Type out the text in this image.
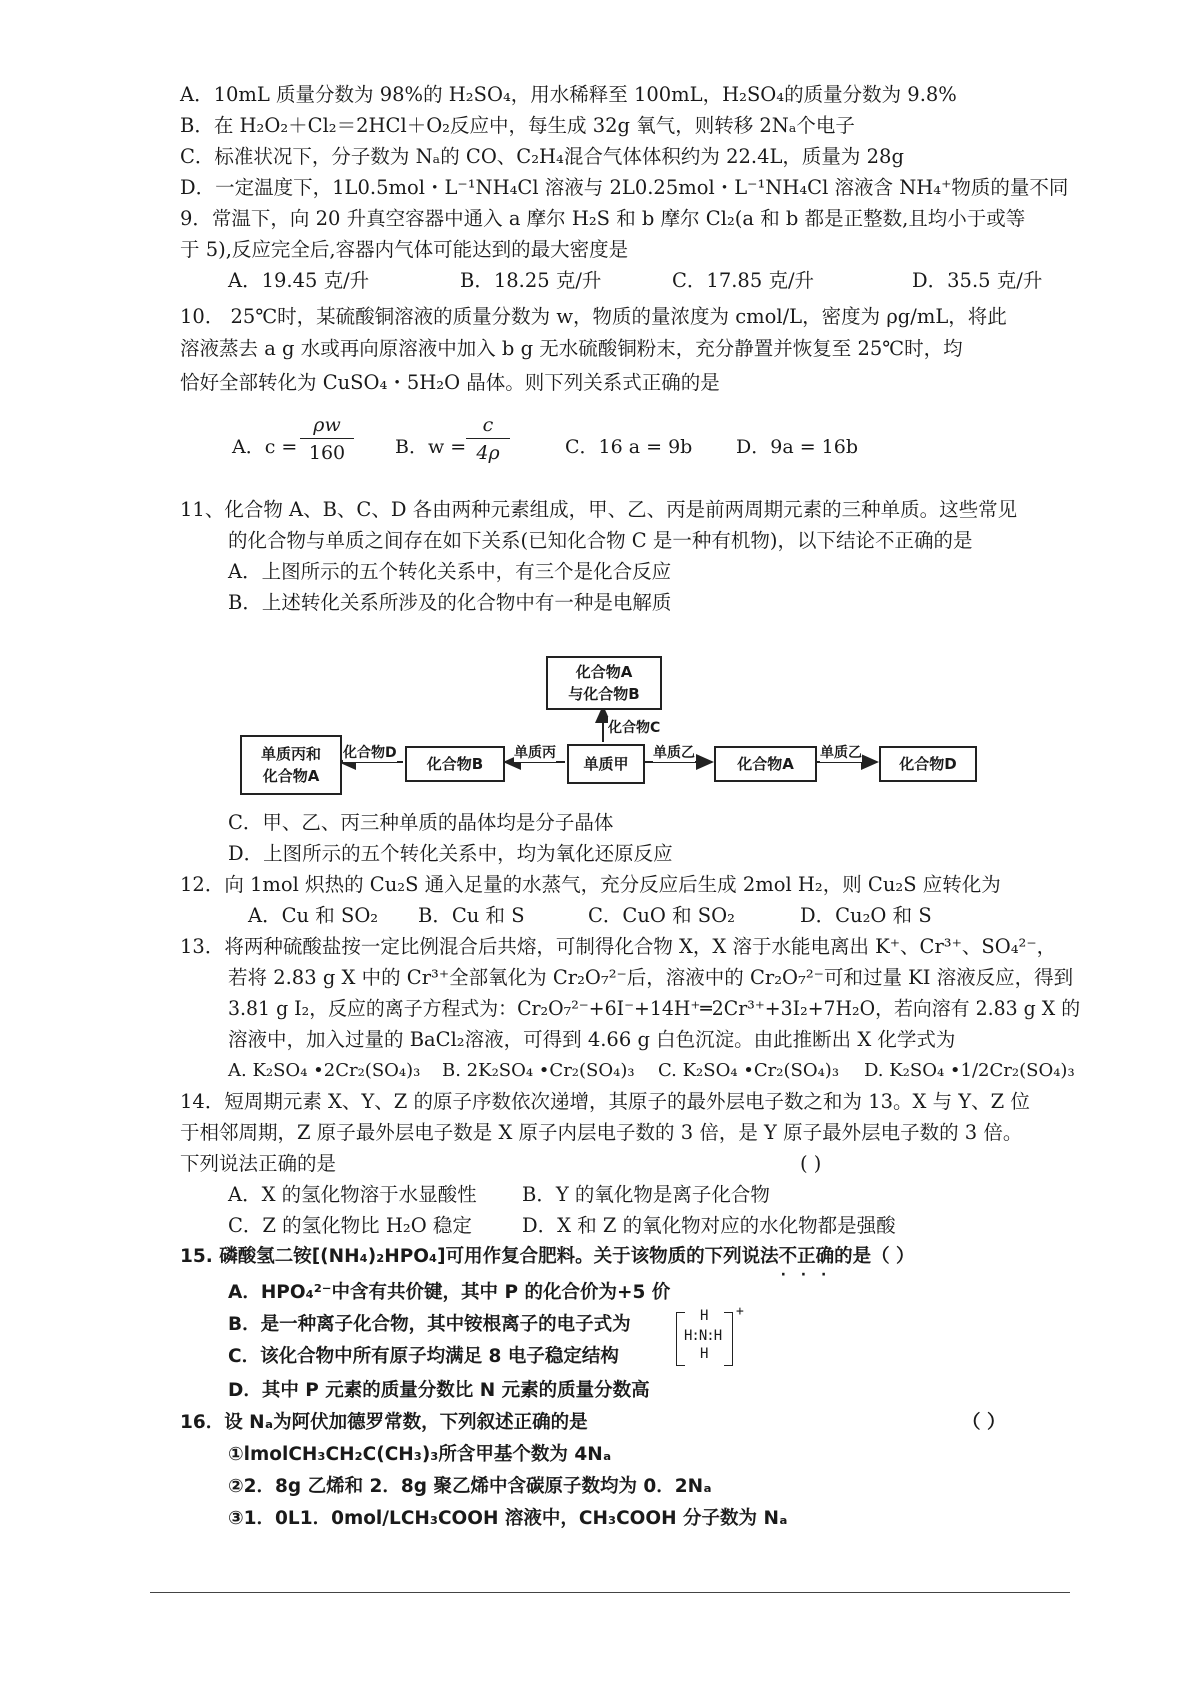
A．10mL 质量分数为 98%的 H₂SO₄，用水稀释至 100mL，H₂SO₄的质量分数为 9.8%
B．在 H₂O₂＋Cl₂＝2HCl＋O₂反应中，每生成 32g 氧气，则转移 2Nₐ个电子
C．标准状况下，分子数为 Nₐ的 CO、C₂H₄混合气体体积约为 22.4L，质量为 28g
D．一定温度下，1L0.5mol・L⁻¹NH₄Cl 溶液与 2L0.25mol・L⁻¹NH₄Cl 溶液含 NH₄⁺物质的量不同
9．常温下，向 20 升真空容器中通入 a 摩尔 H₂S 和 b 摩尔 Cl₂(a 和 b 都是正整数,且均小于或等
于 5),反应完全后,容器内气体可能达到的最大密度是
A．19.45 克/升	B．18.25 克/升	C．17.85 克/升	D．35.5 克/升
10． 25℃时，某硫酸铜溶液的质量分数为 w，物质的量浓度为 cmol/L，密度为 ρg/mL，将此
溶液蒸去 a g 水或再向原溶液中加入 b g 无水硫酸铜粉末，充分静置并恢复至 25℃时，均
恰好全部转化为 CuSO₄・5H₂O 晶体。则下列关系式正确的是
A．$c = \frac{\rho w}{160}$ B．$w = \frac{c}{4\rho}$	C．16 a = 9b D．9a = 16b
11、化合物 A、B、C、D 各由两种元素组成，甲、乙、丙是前两周期元素的三种单质。这些常见
的化合物与单质之间存在如下关系(已知化合物 C 是一种有机物)，以下结论不正确的是
A．上图所示的五个转化关系中，有三个是化合反应
B．上述转化关系所涉及的化合物中有一种是电解质
化合物A
与化合物B
单质丙和
化合物A
化合物B	单质甲	化合物A	化合物D
化合物C
化合物D	单质丙	单质乙	单质乙
C．甲、乙、丙三种单质的晶体均是分子晶体
D．上图所示的五个转化关系中，均为氧化还原反应
12．向 1mol 炽热的 Cu₂S 通入足量的水蒸气，充分反应后生成 2mol H₂，则 Cu₂S 应转化为
A．Cu 和 SO₂ B．Cu 和 S	C．CuO 和 SO₂	D．Cu₂O 和 S
13．将两种硫酸盐按一定比例混合后共熔，可制得化合物 X，X 溶于水能电离出 K⁺、Cr³⁺、SO₄²⁻，
若将 2.83 g X 中的 Cr³⁺全部氧化为 Cr₂O₇²⁻后，溶液中的 Cr₂O₇²⁻可和过量 KI 溶液反应，得到
3.81 g I₂，反应的离子方程式为：Cr₂O₇²⁻+6I⁻+14H⁺═2Cr³⁺+3I₂+7H₂O，若向溶有 2.83 g X 的
溶液中，加入过量的 BaCl₂溶液，可得到 4.66 g 白色沉淀。由此推断出 X 化学式为
A. K₂SO₄ •2Cr₂(SO₄)₃ B. 2K₂SO₄ •Cr₂(SO₄)₃ C. K₂SO₄ •Cr₂(SO₄)₃ D. K₂SO₄ •1/2Cr₂(SO₄)₃
14．短周期元素 X、Y、Z 的原子序数依次递增，其原子的最外层电子数之和为 13。X 与 Y、Z 位
于相邻周期，Z 原子最外层电子数是 X 原子内层电子数的 3 倍，是 Y 原子最外层电子数的 3 倍。
下列说法正确的是	( )
A．X 的氢化物溶于水显酸性 B．Y 的氧化物是离子化合物
C．Z 的氢化物比 H₂O 稳定	D．X 和 Z 的氧化物对应的水化物都是强酸
15. 磷酸氢二铵[(NH₄)₂HPO₄]可用作复合肥料。关于该物质的下列说法不正确 · · ·的是（ ）
A．HPO₄²⁻中含有共价键，其中 P 的化合价为+5 价
B．是一种离子化合物，其中铵根离子的电子式为
C．该化合物中所有原子均满足 8 电子稳定结构
D．其中 P 元素的质量分数比 N 元素的质量分数高
H
H:N:H
H
+
16．设 Nₐ为阿伏加德罗常数，下列叙述正确的是	（ ）
①lmolCH₃CH₂C(CH₃)₃所含甲基个数为 4Nₐ
②2．8g 乙烯和 2．8g 聚乙烯中含碳原子数均为 0．2Nₐ
③1．0L1．0mol/LCH₃COOH 溶液中，CH₃COOH 分子数为 Nₐ
